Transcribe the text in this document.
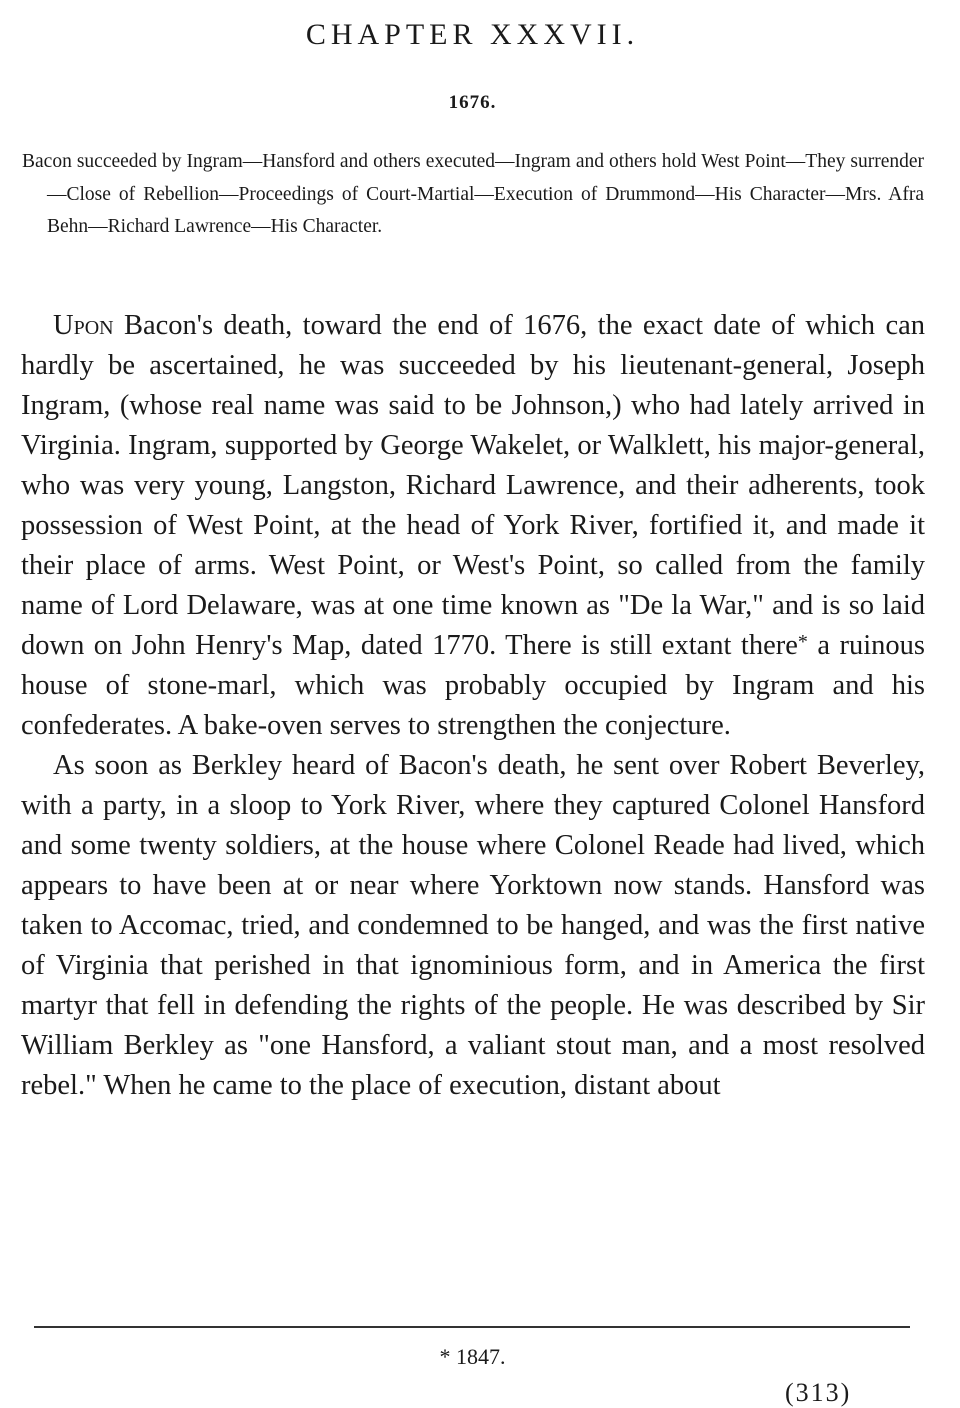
CHAPTER XXXVII.
1676.
Bacon succeeded by Ingram—Hansford and others executed—Ingram and others hold West Point—They surrender—Close of Rebellion—Proceedings of Court-Martial—Execution of Drummond—His Character—Mrs. Afra Behn—Richard Lawrence—His Character.

Upon Bacon's death, toward the end of 1676, the exact date of which can hardly be ascertained, he was succeeded by his lieutenant-general, Joseph Ingram, (whose real name was said to be Johnson,) who had lately arrived in Virginia. Ingram, supported by George Wakelet, or Walklett, his major-general, who was very young, Langston, Richard Lawrence, and their adherents, took possession of West Point, at the head of York River, fortified it, and made it their place of arms. West Point, or West's Point, so called from the family name of Lord Delaware, was at one time known as "De la War," and is so laid down on John Henry's Map, dated 1770. There is still extant there* a ruinous house of stone-marl, which was probably occupied by Ingram and his confederates. A bake-oven serves to strengthen the conjecture.

As soon as Berkley heard of Bacon's death, he sent over Robert Beverley, with a party, in a sloop to York River, where they captured Colonel Hansford and some twenty soldiers, at the house where Colonel Reade had lived, which appears to have been at or near where Yorktown now stands. Hansford was taken to Accomac, tried, and condemned to be hanged, and was the first native of Virginia that perished in that ignominious form, and in America the first martyr that fell in defending the rights of the people. He was described by Sir William Berkley as "one Hansford, a valiant stout man, and a most resolved rebel." When he came to the place of execution, distant about

* 1847.
(313)
